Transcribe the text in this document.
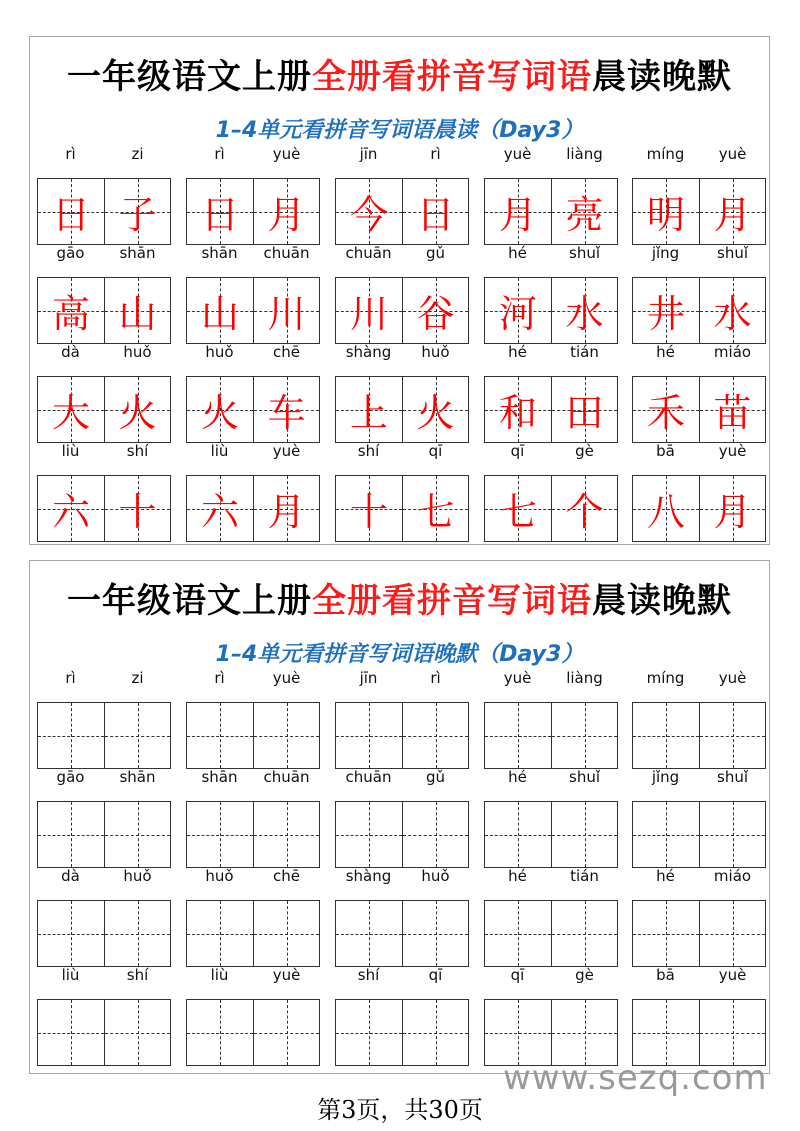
一年级语文上册全册看拼音写词语晨读晚默
1–4单元看拼音写词语晨读（Day3）
rì	zi
日 子
rì	yuè
日 月
jīn	rì
今 日
yuè	liàng
月 亮
míng	yuè
明 月
gāo	shān
高 山
shān	chuān
山 川
chuān	gǔ
川 谷
hé	shuǐ
河 水
jǐng	shuǐ
井 水
dà	huǒ
大 火
huǒ	chē
火 车
shàng	huǒ
上 火
hé	tián
和 田
hé	miáo
禾 苗
liù	shí
六 十
liù	yuè
六 月
shí	qī
十 七
qī	gè
七 个
bā	yuè
八 月
一年级语文上册全册看拼音写词语晨读晚默
1–4单元看拼音写词语晚默（Day3）
rì	zi	rì	yuè	jīn	rì	yuè	liàng	míng	yuè
gāo	shān	shān	chuān	chuān	gǔ	hé	shuǐ	jǐng	shuǐ
dà	huǒ	huǒ	chē	shàng	huǒ	hé	tián	hé	miáo
liù	shí	liù	yuè	shí	qī	qī	gè	bā	yuè
www.sezq.com
第3页，共30页
